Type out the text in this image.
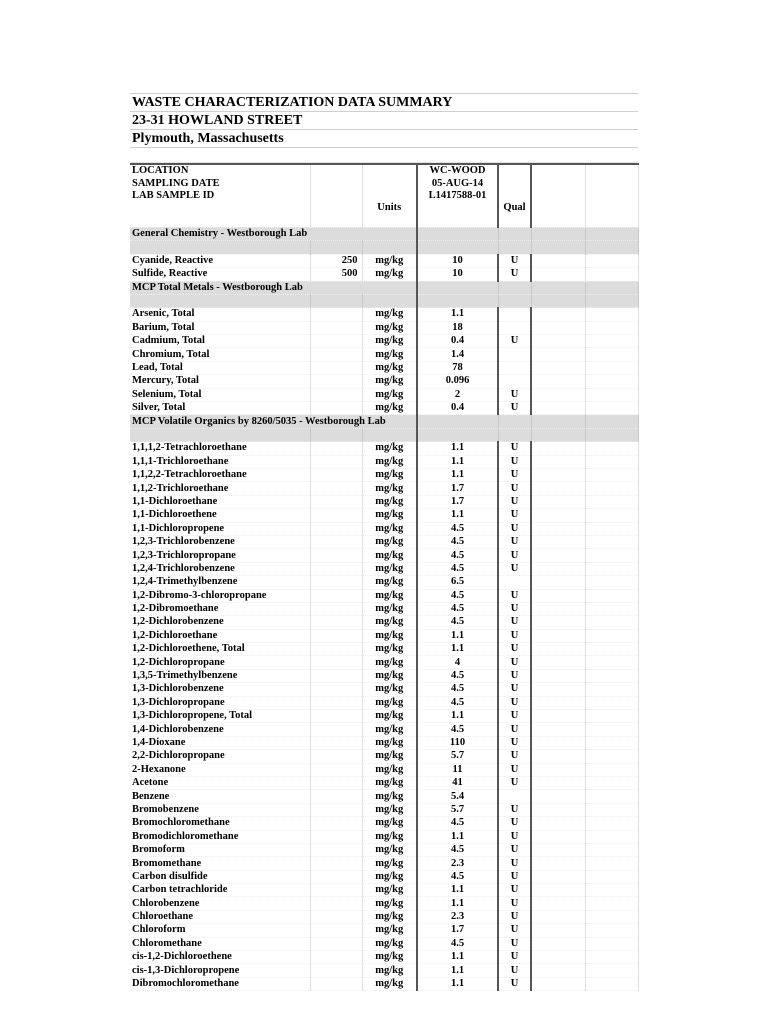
WASTE CHARACTERIZATION DATA SUMMARY
23-31 HOWLAND STREET
Plymouth, Massachusetts
LOCATION			WC-WOOD			
SAMPLING DATE			05-AUG-14			
LAB SAMPLE ID			L1417588-01			
		Units		Qual		

General Chemistry - Westborough Lab						

Cyanide, Reactive	250	mg/kg	10	U		
Sulfide, Reactive	500	mg/kg	10	U		
MCP Total Metals - Westborough Lab						

Arsenic, Total		mg/kg	1.1			
Barium, Total		mg/kg	18			
Cadmium, Total		mg/kg	0.4	U		
Chromium, Total		mg/kg	1.4			
Lead, Total		mg/kg	78			
Mercury, Total		mg/kg	0.096			
Selenium, Total		mg/kg	2	U		
Silver, Total		mg/kg	0.4	U		
MCP Volatile Organics by 8260/5035 - Westborough Lab						

1,1,1,2-Tetrachloroethane		mg/kg	1.1	U		
1,1,1-Trichloroethane		mg/kg	1.1	U		
1,1,2,2-Tetrachloroethane		mg/kg	1.1	U		
1,1,2-Trichloroethane		mg/kg	1.7	U		
1,1-Dichloroethane		mg/kg	1.7	U		
1,1-Dichloroethene		mg/kg	1.1	U		
1,1-Dichloropropene		mg/kg	4.5	U		
1,2,3-Trichlorobenzene		mg/kg	4.5	U		
1,2,3-Trichloropropane		mg/kg	4.5	U		
1,2,4-Trichlorobenzene		mg/kg	4.5	U		
1,2,4-Trimethylbenzene		mg/kg	6.5			
1,2-Dibromo-3-chloropropane		mg/kg	4.5	U		
1,2-Dibromoethane		mg/kg	4.5	U		
1,2-Dichlorobenzene		mg/kg	4.5	U		
1,2-Dichloroethane		mg/kg	1.1	U		
1,2-Dichloroethene, Total		mg/kg	1.1	U		
1,2-Dichloropropane		mg/kg	4	U		
1,3,5-Trimethylbenzene		mg/kg	4.5	U		
1,3-Dichlorobenzene		mg/kg	4.5	U		
1,3-Dichloropropane		mg/kg	4.5	U		
1,3-Dichloropropene, Total		mg/kg	1.1	U		
1,4-Dichlorobenzene		mg/kg	4.5	U		
1,4-Dioxane		mg/kg	110	U		
2,2-Dichloropropane		mg/kg	5.7	U		
2-Hexanone		mg/kg	11	U		
Acetone		mg/kg	41	U		
Benzene		mg/kg	5.4			
Bromobenzene		mg/kg	5.7	U		
Bromochloromethane		mg/kg	4.5	U		
Bromodichloromethane		mg/kg	1.1	U		
Bromoform		mg/kg	4.5	U		
Bromomethane		mg/kg	2.3	U		
Carbon disulfide		mg/kg	4.5	U		
Carbon tetrachloride		mg/kg	1.1	U		
Chlorobenzene		mg/kg	1.1	U		
Chloroethane		mg/kg	2.3	U		
Chloroform		mg/kg	1.7	U		
Chloromethane		mg/kg	4.5	U		
cis-1,2-Dichloroethene		mg/kg	1.1	U		
cis-1,3-Dichloropropene		mg/kg	1.1	U		
Dibromochloromethane		mg/kg	1.1	U		
